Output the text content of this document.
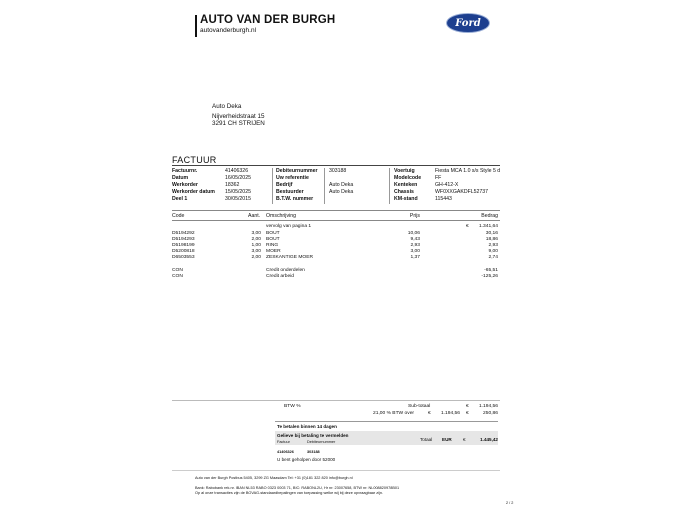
AUTO VAN DER BURGH
autovanderburgh.nl
Ford
Auto Deka
Nijverheidstraat 15
3291 CH STRIJEN
FACTUUR
Factuurnr.	41406326
Datum	16/05/2025
Werkorder	18362
Werkorder datum 15/05/2025
Deel 1	30/05/2015
Debiteurnummer 303188
Uw referentie
Bedrijf	Auto Deka
Bestuurder	Auto Deka
B.T.W. nummer
Voertuig	Fiesta MCA 1.0 s/s Style 5 d
Modelcode	FF
Kenteken	GH-412-X
Chassis	WF0XXGAKDFL52737
KM-stand	115443
Code	Aant. Omschrijving	Prijs	Bedrag
vervolg van pagina 1	€	1.341,64
D5194292	3,00 BOUT	10,06	30,16
D5194293	2,00 BOUT	9,43	18,86
D5198199	1,00 RING	2,93	2,93
D5200818	3,00 MOER	3,00	9,00
D6503553	2,00 ZESKANTIGE MOER	1,37	2,74
CON	Credit onderdelen	-65,51
CON	Credit arbeid	-125,26
BTW %	Sub-totaal	€	1.194,56
21,00 % BTW over	€	1.194,56 €	250,86
Te betalen binnen 14 dagen
Gelieve bij betaling te vermelden
Factuur	Debiteurnummer	Totaal EUR €	1.445,42
41406326	303188
U bent geholpen door 52000
Auto van der Burgh Postbus 5405, 3299 ZG Maasdam Tel: +31 (0)181 322 820 info@burgh.nl
Bank: Rabobank rek.nr. IBAN NL53 RABO 0323 0003 71, BIC: RABONL2U, Hr nr: 23007658, BTW nr: NL008820978B01
Op al onze transacties zijn de BOVAG-standaardbepalingen van toepassing welke wij bij deze opvraagbaar zijn.
2 / 2
